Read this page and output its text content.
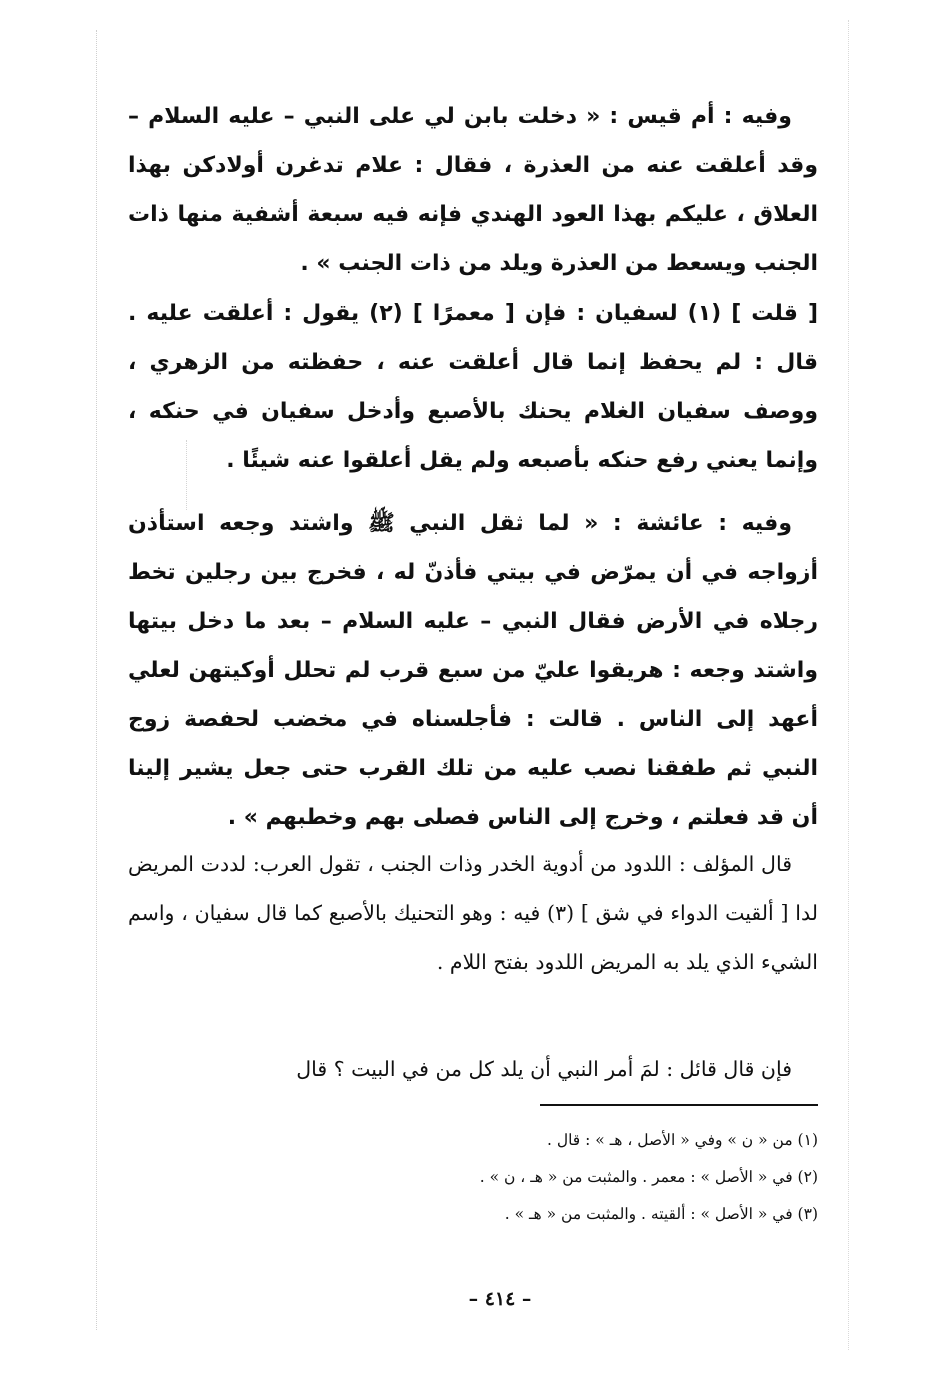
وفيه : أم قيس : « دخلت بابن لي على النبي – عليه السلام – وقد أعلقت عنه من العذرة ، فقال : علام تدغرن أولادكن بهذا العلاق ، عليكم بهذا العود الهندي فإنه فيه سبعة أشفية منها ذات الجنب ويسعط من العذرة ويلد من ذات الجنب » .

[ قلت ] (١) لسفيان : فإن [ معمرًا ] (٢) يقول : أعلقت عليه . قال : لم يحفظ إنما قال أعلقت عنه ، حفظته من الزهري ، ووصف سفيان الغلام يحنك بالأصبع وأدخل سفيان في حنكه ، وإنما يعني رفع حنكه بأصبعه ولم يقل أعلقوا عنه شيئًا .

وفيه : عائشة : « لما ثقل النبي ﷺ واشتد وجعه استأذن أزواجه في أن يمرّض في بيتي فأذنّ له ، فخرج بين رجلين تخط رجلاه في الأرض فقال النبي – عليه السلام – بعد ما دخل بيتها واشتد وجعه : هريقوا عليّ من سبع قرب لم تحلل أوكيتهن لعلي أعهد إلى الناس . قالت : فأجلسناه في مخضب لحفصة زوج النبي ثم طفقنا نصب عليه من تلك القرب حتى جعل يشير إلينا أن قد فعلتم ، وخرج إلى الناس فصلى بهم وخطبهم » .

قال المؤلف : اللدود من أدوية الخدر وذات الجنب ، تقول العرب: لددت المريض لدا [ ألقيت الدواء في شق ] (٣) فيه : وهو التحنيك بالأصبع كما قال سفيان ، واسم الشيء الذي يلد به المريض اللدود بفتح اللام .

فإن قال قائل : لمَ أمر النبي أن يلد كل من في البيت ؟ قال

(١) من « ن » وفي « الأصل ، هـ » : قال .

(٢) في « الأصل » : معمر . والمثبت من « هـ ، ن » .

(٣) في « الأصل » : ألقيته . والمثبت من « هـ » .

– ٤١٤ –
